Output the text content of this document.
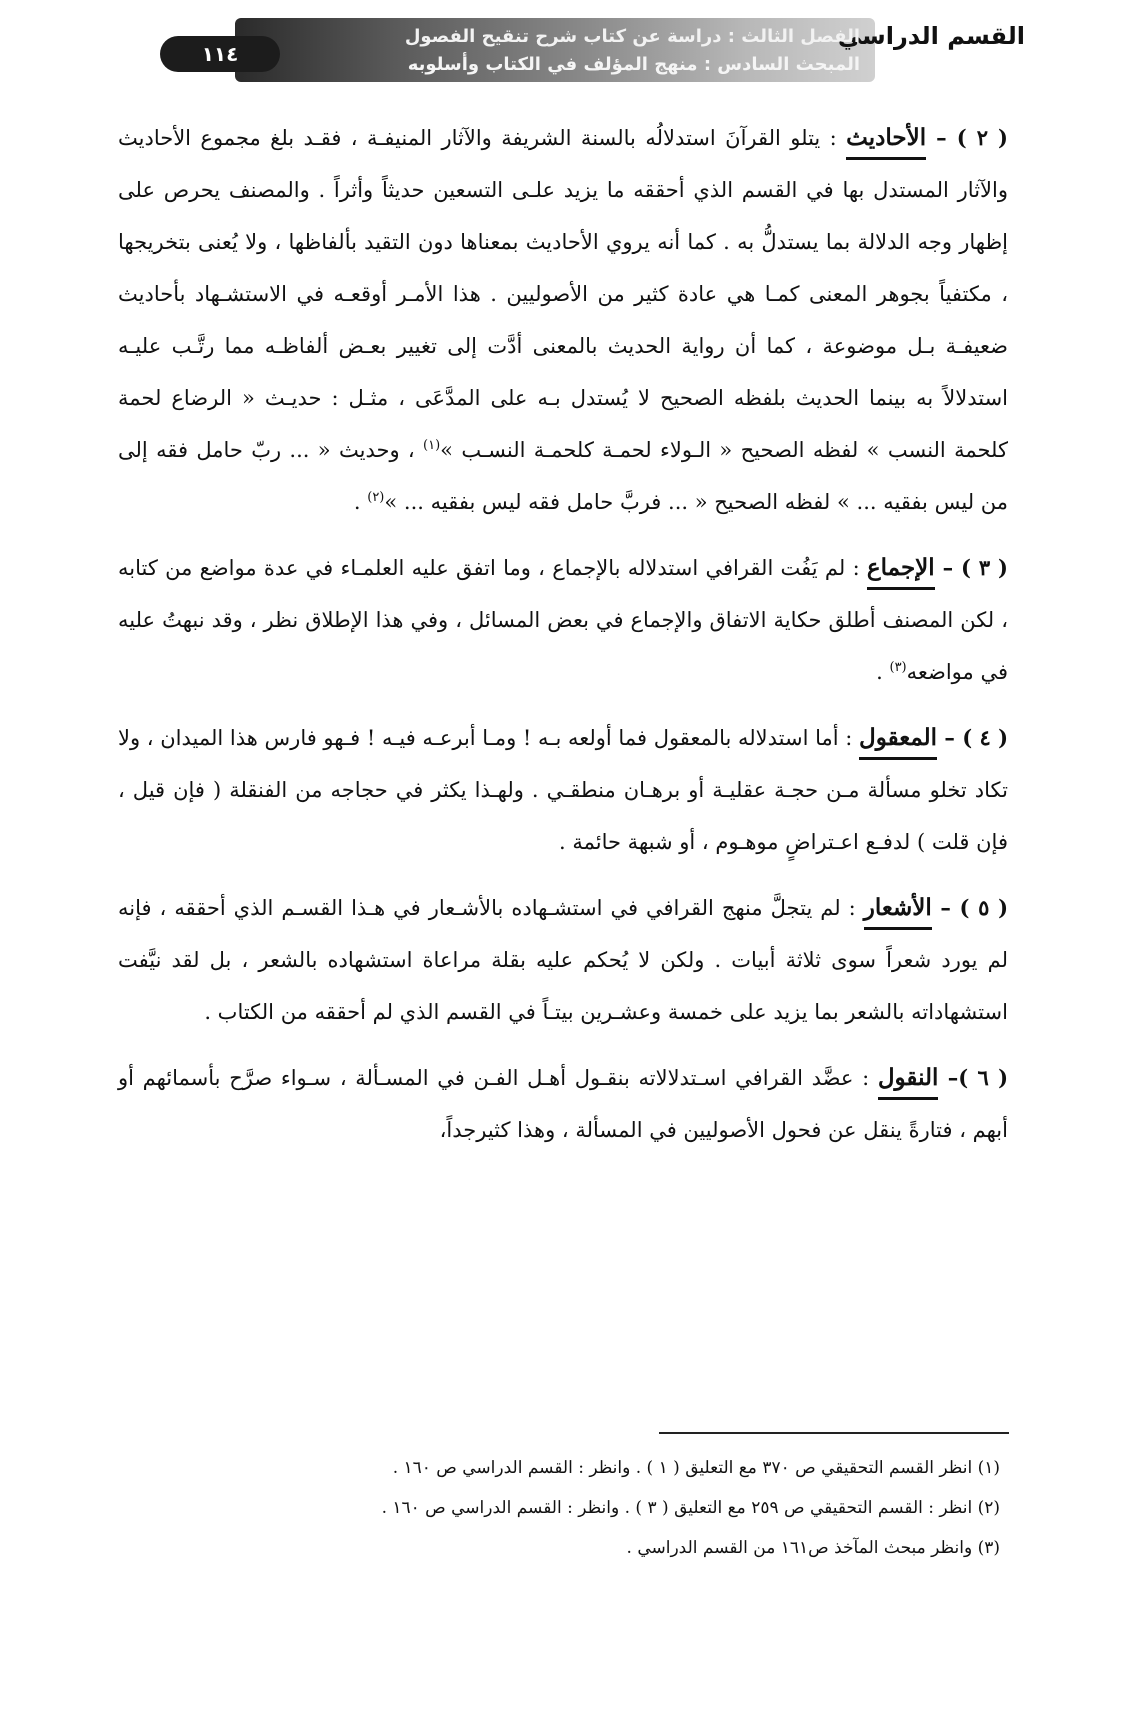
القسم الدراسي
الفصل الثالث : دراسة عن كتاب شرح تنقيح الفصول
المبحث السادس : منهج المؤلف في الكتاب وأسلوبه
١١٤

( ٢ ) – الأحاديث : يتلو القرآنَ استدلالُه بالسنة الشريفة والآثار المنيفـة ، فقـد بلغ مجموع الأحاديث والآثار المستدل بها في القسم الذي أحققه ما يزيد علـى التسعين حديثاً وأثراً . والمصنف يحرص على إظهار وجه الدلالة بما يستدلُّ به . كما أنه يروي الأحاديث بمعناها دون التقيد بألفاظها ، ولا يُعنى بتخريجها ، مكتفياً بجوهر المعنى كمـا هي عادة كثير من الأصوليين . هذا الأمـر أوقعـه في الاستشـهاد بأحاديث ضعيفـة بـل موضوعة ، كما أن رواية الحديث بالمعنى أدَّت إلى تغيير بعـض ألفاظـه مما رتَّـب عليـه استدلالاً به بينما الحديث بلفظه الصحيح لا يُستدل بـه على المدَّعَى ، مثـل : حديـث « الرضاع لحمة كلحمة النسب » لفظه الصحيح « الـولاء لحمـة كلحمـة النسـب »$^{(١)}$ ، وحديث « ... ربّ حامل فقه إلى من ليس بفقيه ... » لفظه الصحيح « ... فربَّ حامل فقه ليس بفقيه ... »$^{(٢)}$ .

( ٣ ) – الإجماع : لم يَفُت القرافي استدلاله بالإجماع ، وما اتفق عليه العلمـاء في عدة مواضع من كتابه ، لكن المصنف أطلق حكاية الاتفاق والإجماع في بعض المسائل ، وفي هذا الإطلاق نظر ، وقد نبهتُ عليه في مواضعه$^{(٣)}$ .

( ٤ ) – المعقول : أما استدلاله بالمعقول فما أولعه بـه ! ومـا أبرعـه فيـه ! فـهو فارس هذا الميدان ، ولا تكاد تخلو مسألة مـن حجـة عقليـة أو برهـان منطقـي . ولهـذا يكثر في حجاجه من الفنقلة ( فإن قيل ، فإن قلت ) لدفـع اعـتراضٍ موهـوم ، أو شبهة حائمة .

( ٥ ) – الأشعار : لم يتجلَّ منهج القرافي في استشـهاده بالأشـعار في هـذا القسـم الذي أحققه ، فإنه لم يورد شعراً سوى ثلاثة أبيات . ولكن لا يُحكم عليه بقلة مراعاة استشهاده بالشعر ، بل لقد نيَّفت استشهاداته بالشعر بما يزيد على خمسة وعشـرين بيتـاً في القسم الذي لم أحققه من الكتاب .

( ٦ )– النقول : عضَّد القرافي اسـتدلالاته بنقـول أهـل الفـن في المسـألة ، سـواء صرَّح بأسمائهم أو أبهم ، فتارةً ينقل عن فحول الأصوليين في المسألة ، وهذا كثيرجداً،

(١) انظر القسم التحقيقي ص ٣٧٠ مع التعليق ( ١ ) . وانظر : القسم الدراسي ص ١٦٠ .
(٢) انظر : القسم التحقيقي ص ٢٥٩ مع التعليق ( ٣ ) . وانظر : القسم الدراسي ص ١٦٠ .
(٣) وانظر مبحث المآخذ ص١٦١ من القسم الدراسي .
